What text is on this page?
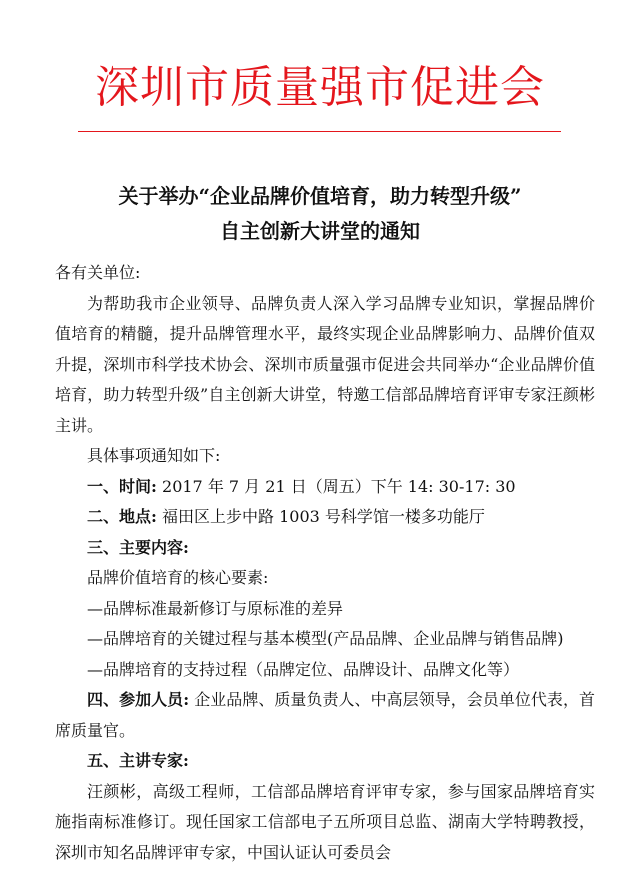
深圳市质量强市促进会
关于举办“企业品牌价值培育，助力转型升级”
自主创新大讲堂的通知

各有关单位:

为帮助我市企业领导、品牌负责人深入学习品牌专业知识，掌握品牌价值培育的精髓，提升品牌管理水平，最终实现企业品牌影响力、品牌价值双升提，深圳市科学技术协会、深圳市质量强市促进会共同举办“企业品牌价值培育，助力转型升级”自主创新大讲堂，特邀工信部品牌培育评审专家汪颜彬主讲。

具体事项通知如下:

一、时间: 2017 年 7 月 21 日（周五）下午 14: 30-17: 30

二、地点: 福田区上步中路 1003 号科学馆一楼多功能厅

三、主要内容:

品牌价值培育的核心要素:

—品牌标准最新修订与原标准的差异

—品牌培育的关键过程与基本模型(产品品牌、企业品牌与销售品牌)

—品牌培育的支持过程（品牌定位、品牌设计、品牌文化等）

四、参加人员: 企业品牌、质量负责人、中高层领导，会员单位代表，首席质量官。

五、主讲专家:

汪颜彬，高级工程师，工信部品牌培育评审专家，参与国家品牌培育实施指南标准修订。现任国家工信部电子五所项目总监、湖南大学特聘教授，深圳市知名品牌评审专家，中国认证认可委员会
